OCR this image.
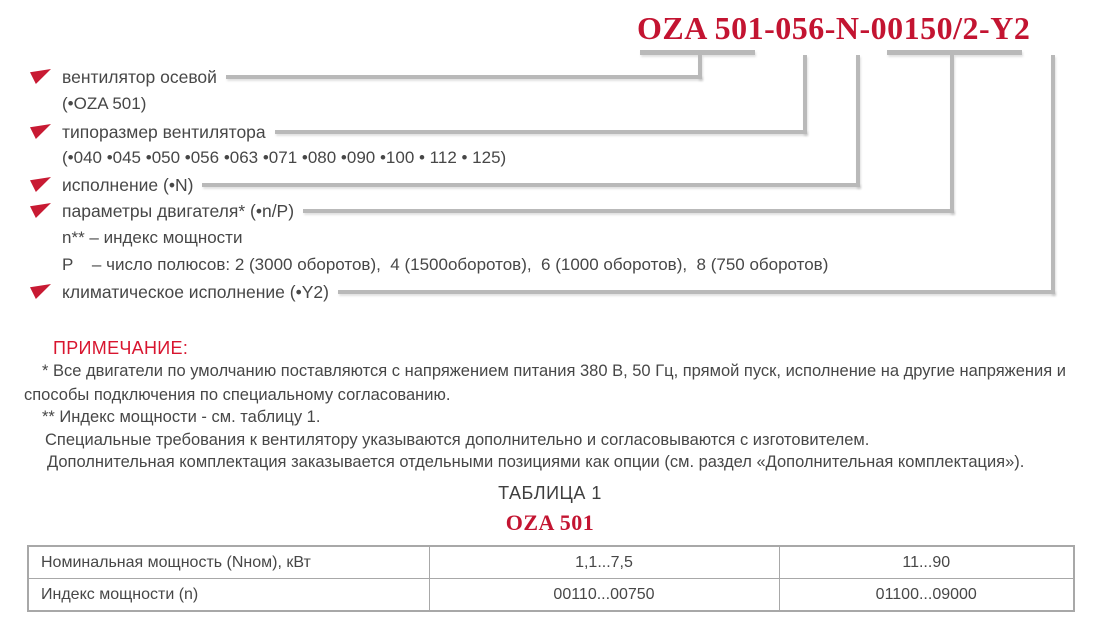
OZA 501-056-N-00150/2-Y2
вентилятор осевой
(•OZA 501)
типоразмер вентилятора
(•040 •045 •050 •056 •063 •071 •080 •090 •100 • 112 • 125)
исполнение (•N)
параметры двигателя* (•n/P)
n** – индекс мощности
P    – число полюсов: 2 (3000 оборотов),  4 (1500оборотов),  6 (1000 оборотов),  8 (750 оборотов)
климатическое исполнение (•Y2)
ПРИМЕЧАНИЕ:
* Все двигатели по умолчанию поставляются с напряжением питания 380 В, 50 Гц, прямой пуск, исполнение на другие напряжения и
способы подключения по специальному согласованию.
** Индекс мощности - см. таблицу 1.
Специальные требования к вентилятору указываются дополнительно и согласовываются с изготовителем.
Дополнительная комплектация заказывается отдельными позициями как опции (см. раздел «Дополнительная комплектация»).
ТАБЛИЦА 1
OZA 501
Номинальная мощность (Nном), кВт	1,1...7,5	11...90
Индекс мощности (n)	00110...00750	01100...09000
